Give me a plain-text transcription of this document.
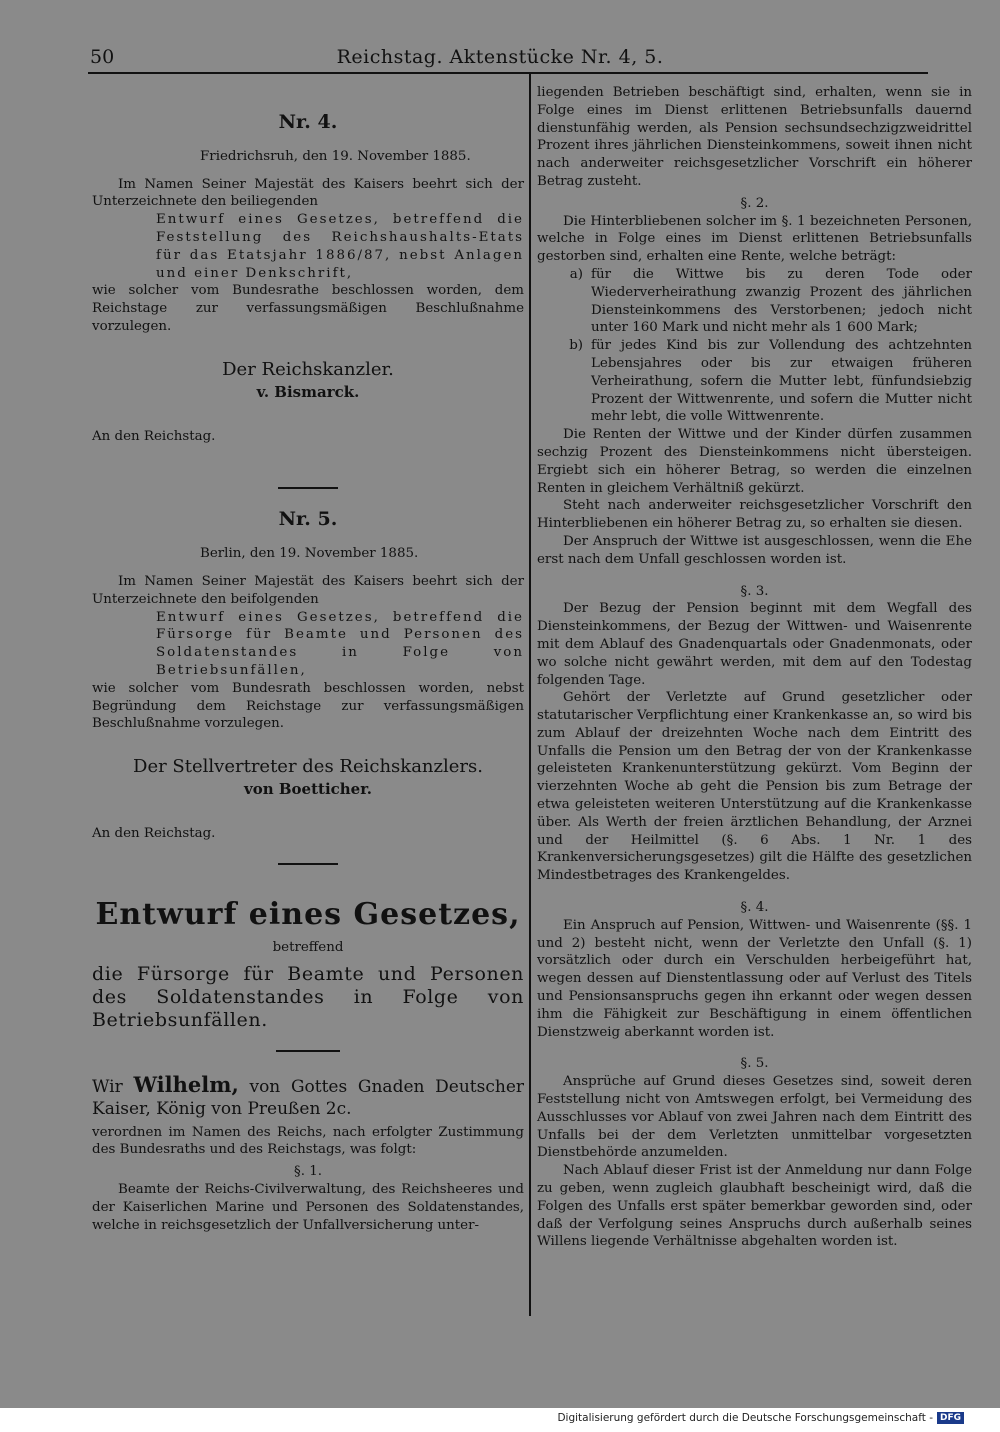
50	Reichstag. Aktenstücke Nr. 4, 5.
Nr. 4.

Friedrichsruh, den 19. November 1885.

Im Namen Seiner Majestät des Kaisers beehrt sich der Unterzeichnete den beiliegenden

Entwurf eines Gesetzes, betreffend die Feststellung des Reichshaushalts-Etats für das Etatsjahr 1886/87, nebst Anlagen und einer Denkschrift,

wie solcher vom Bundesrathe beschlossen worden, dem Reichstage zur verfassungsmäßigen Beschlußnahme vorzulegen.

Der Reichskanzler.
v. Bismarck.

An den Reichstag.

Nr. 5.

Berlin, den 19. November 1885.

Im Namen Seiner Majestät des Kaisers beehrt sich der Unterzeichnete den beifolgenden

Entwurf eines Gesetzes, betreffend die Fürsorge für Beamte und Personen des Soldatenstandes in Folge von Betriebsunfällen,

wie solcher vom Bundesrath beschlossen worden, nebst Begründung dem Reichstage zur verfassungsmäßigen Beschlußnahme vorzulegen.

Der Stellvertreter des Reichskanzlers.
von Boetticher.

An den Reichstag.

Entwurf eines Gesetzes,
betreffend

die Fürsorge für Beamte und Personen des Soldatenstandes in Folge von Betriebsunfällen.

Wir Wilhelm, von Gottes Gnaden Deutscher Kaiser, König von Preußen 2c.

verordnen im Namen des Reichs, nach erfolgter Zustimmung des Bundesraths und des Reichstags, was folgt:

§. 1.

Beamte der Reichs-Civilverwaltung, des Reichsheeres und der Kaiserlichen Marine und Personen des Soldatenstandes, welche in reichsgesetzlich der Unfallversicherung unter-

liegenden Betrieben beschäftigt sind, erhalten, wenn sie in Folge eines im Dienst erlittenen Betriebsunfalls dauernd dienstunfähig werden, als Pension sechsundsechzigzweidrittel Prozent ihres jährlichen Diensteinkommens, soweit ihnen nicht nach anderweiter reichsgesetzlicher Vorschrift ein höherer Betrag zusteht.

§. 2.

Die Hinterbliebenen solcher im §. 1 bezeichneten Personen, welche in Folge eines im Dienst erlittenen Betriebsunfalls gestorben sind, erhalten eine Rente, welche beträgt:

a) für die Wittwe bis zu deren Tode oder Wiederverheirathung zwanzig Prozent des jährlichen Diensteinkommens des Verstorbenen; jedoch nicht unter 160 Mark und nicht mehr als 1 600 Mark;
b) für jedes Kind bis zur Vollendung des achtzehnten Lebensjahres oder bis zur etwaigen früheren Verheirathung, sofern die Mutter lebt, fünfundsiebzig Prozent der Wittwenrente, und sofern die Mutter nicht mehr lebt, die volle Wittwenrente.

Die Renten der Wittwe und der Kinder dürfen zusammen sechzig Prozent des Diensteinkommens nicht übersteigen. Ergiebt sich ein höherer Betrag, so werden die einzelnen Renten in gleichem Verhältniß gekürzt.

Steht nach anderweiter reichsgesetzlicher Vorschrift den Hinterbliebenen ein höherer Betrag zu, so erhalten sie diesen.

Der Anspruch der Wittwe ist ausgeschlossen, wenn die Ehe erst nach dem Unfall geschlossen worden ist.

§. 3.

Der Bezug der Pension beginnt mit dem Wegfall des Diensteinkommens, der Bezug der Wittwen- und Waisenrente mit dem Ablauf des Gnadenquartals oder Gnadenmonats, oder wo solche nicht gewährt werden, mit dem auf den Todestag folgenden Tage.

Gehört der Verletzte auf Grund gesetzlicher oder statutarischer Verpflichtung einer Krankenkasse an, so wird bis zum Ablauf der dreizehnten Woche nach dem Eintritt des Unfalls die Pension um den Betrag der von der Krankenkasse geleisteten Krankenunterstützung gekürzt. Vom Beginn der vierzehnten Woche ab geht die Pension bis zum Betrage der etwa geleisteten weiteren Unterstützung auf die Krankenkasse über. Als Werth der freien ärztlichen Behandlung, der Arznei und der Heilmittel (§. 6 Abs. 1 Nr. 1 des Krankenversicherungsgesetzes) gilt die Hälfte des gesetzlichen Mindestbetrages des Krankengeldes.

§. 4.

Ein Anspruch auf Pension, Wittwen- und Waisenrente (§§. 1 und 2) besteht nicht, wenn der Verletzte den Unfall (§. 1) vorsätzlich oder durch ein Verschulden herbeigeführt hat, wegen dessen auf Dienstentlassung oder auf Verlust des Titels und Pensionsanspruchs gegen ihn erkannt oder wegen dessen ihm die Fähigkeit zur Beschäftigung in einem öffentlichen Dienstzweig aberkannt worden ist.

§. 5.

Ansprüche auf Grund dieses Gesetzes sind, soweit deren Feststellung nicht von Amtswegen erfolgt, bei Vermeidung des Ausschlusses vor Ablauf von zwei Jahren nach dem Eintritt des Unfalls bei der dem Verletzten unmittelbar vorgesetzten Dienstbehörde anzumelden.

Nach Ablauf dieser Frist ist der Anmeldung nur dann Folge zu geben, wenn zugleich glaubhaft bescheinigt wird, daß die Folgen des Unfalls erst später bemerkbar geworden sind, oder daß der Verfolgung seines Anspruchs durch außerhalb seines Willens liegende Verhältnisse abgehalten worden ist.

Digitalisierung gefördert durch die Deutsche Forschungsgemeinschaft - DFG
